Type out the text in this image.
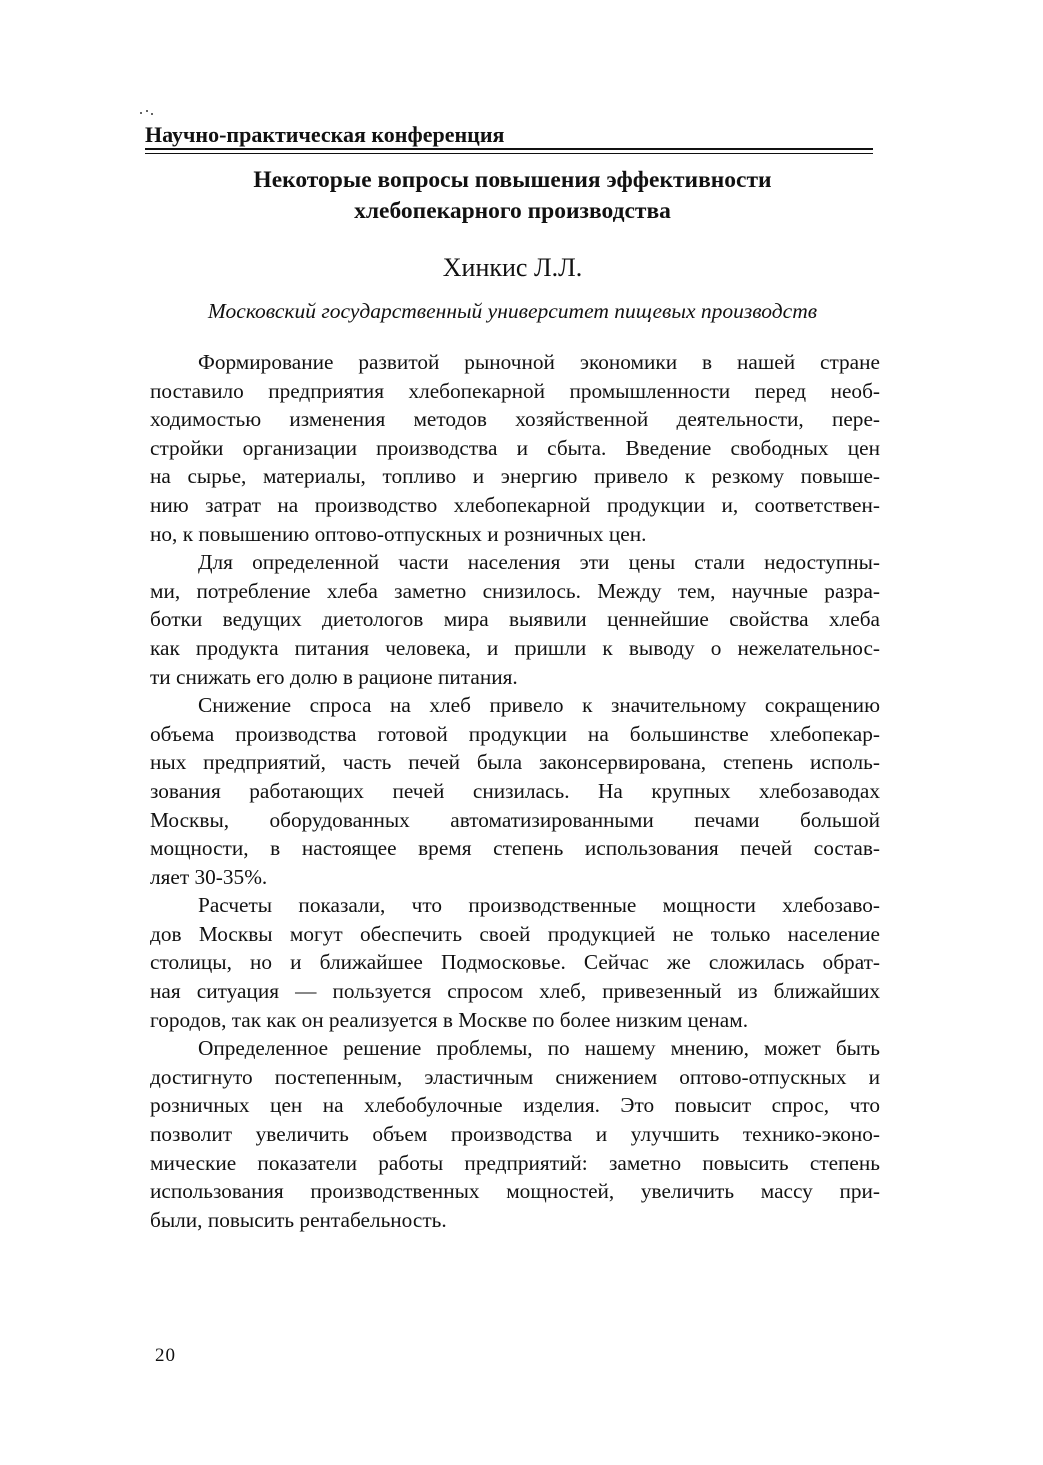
Научно-практическая конференция
Некоторые вопросы повышения эффективности
хлебопекарного производства
Хинкис Л.Л.
Московский государственный университет пищевых производств

Формирование развитой рыночной экономики в нашей стране
поставило предприятия хлебопекарной промышленности перед необ-
ходимостью изменения методов хозяйственной деятельности, пере-
стройки организации производства и сбыта. Введение свободных цен
на сырье, материалы, топливо и энергию привело к резкому повыше-
нию затрат на производство хлебопекарной продукции и, соответствен-
но, к повышению оптово-отпускных и розничных цен.

Для определенной части населения эти цены стали недоступны-
ми, потребление хлеба заметно снизилось. Между тем, научные разра-
ботки ведущих диетологов мира выявили ценнейшие свойства хлеба
как продукта питания человека, и пришли к выводу о нежелательнос-
ти снижать его долю в рационе питания.

Снижение спроса на хлеб привело к значительному сокращению
объема производства готовой продукции на большинстве хлебопекар-
ных предприятий, часть печей была законсервирована, степень исполь-
зования работающих печей снизилась. На крупных хлебозаводах
Москвы, оборудованных автоматизированными печами большой
мощности, в настоящее время степень использования печей состав-
ляет 30-35%.

Расчеты показали, что производственные мощности хлебозаво-
дов Москвы могут обеспечить своей продукцией не только население
столицы, но и ближайшее Подмосковье. Сейчас же сложилась обрат-
ная ситуация — пользуется спросом хлеб, привезенный из ближайших
городов, так как он реализуется в Москве по более низким ценам.

Определенное решение проблемы, по нашему мнению, может быть
достигнуто постепенным, эластичным снижением оптово-отпускных и
розничных цен на хлебобулочные изделия. Это повысит спрос, что
позволит увеличить объем производства и улучшить технико-эконо-
мические показатели работы предприятий: заметно повысить степень
использования производственных мощностей, увеличить массу при-
были, повысить рентабельность.

20
